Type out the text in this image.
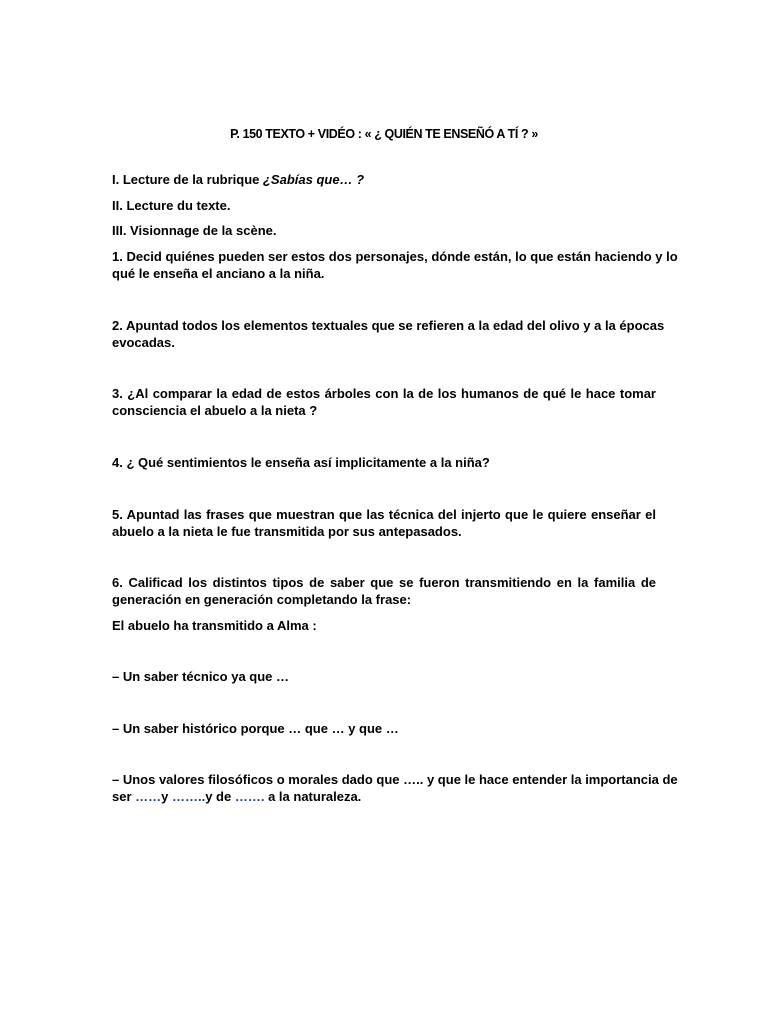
P. 150 TEXTO + VIDÉO : « ¿ QUIÉN TE ENSEÑÓ A TÍ ? »
I. Lecture de la rubrique ¿Sabías que… ?
II. Lecture du texte.
III. Visionnage de la scène.
1. Decid quiénes pueden ser estos dos personajes, dónde están, lo que están haciendo y lo
qué le enseña el anciano a la niña.
2. Apuntad todos los elementos textuales que se refieren a la edad del olivo y a la épocas
evocadas.
3. ¿Al comparar la edad de estos árboles con la de los humanos de qué le hace tomar
consciencia el abuelo a la nieta ?
4. ¿ Qué sentimientos le enseña así implicitamente a la niña?
5. Apuntad las frases que muestran que las técnica del injerto que le quiere enseñar el
abuelo a la nieta le fue transmitida por sus antepasados.
6. Calificad los distintos tipos de saber que se fueron transmitiendo en la familia de
generación en generación completando la frase:
El abuelo ha transmitido a Alma :
– Un saber técnico ya que …
– Un saber histórico porque … que … y que …
– Unos valores filosóficos o morales dado que ….. y que le hace entender la importancia de
ser ……y ……..y de ……. a la naturaleza.
